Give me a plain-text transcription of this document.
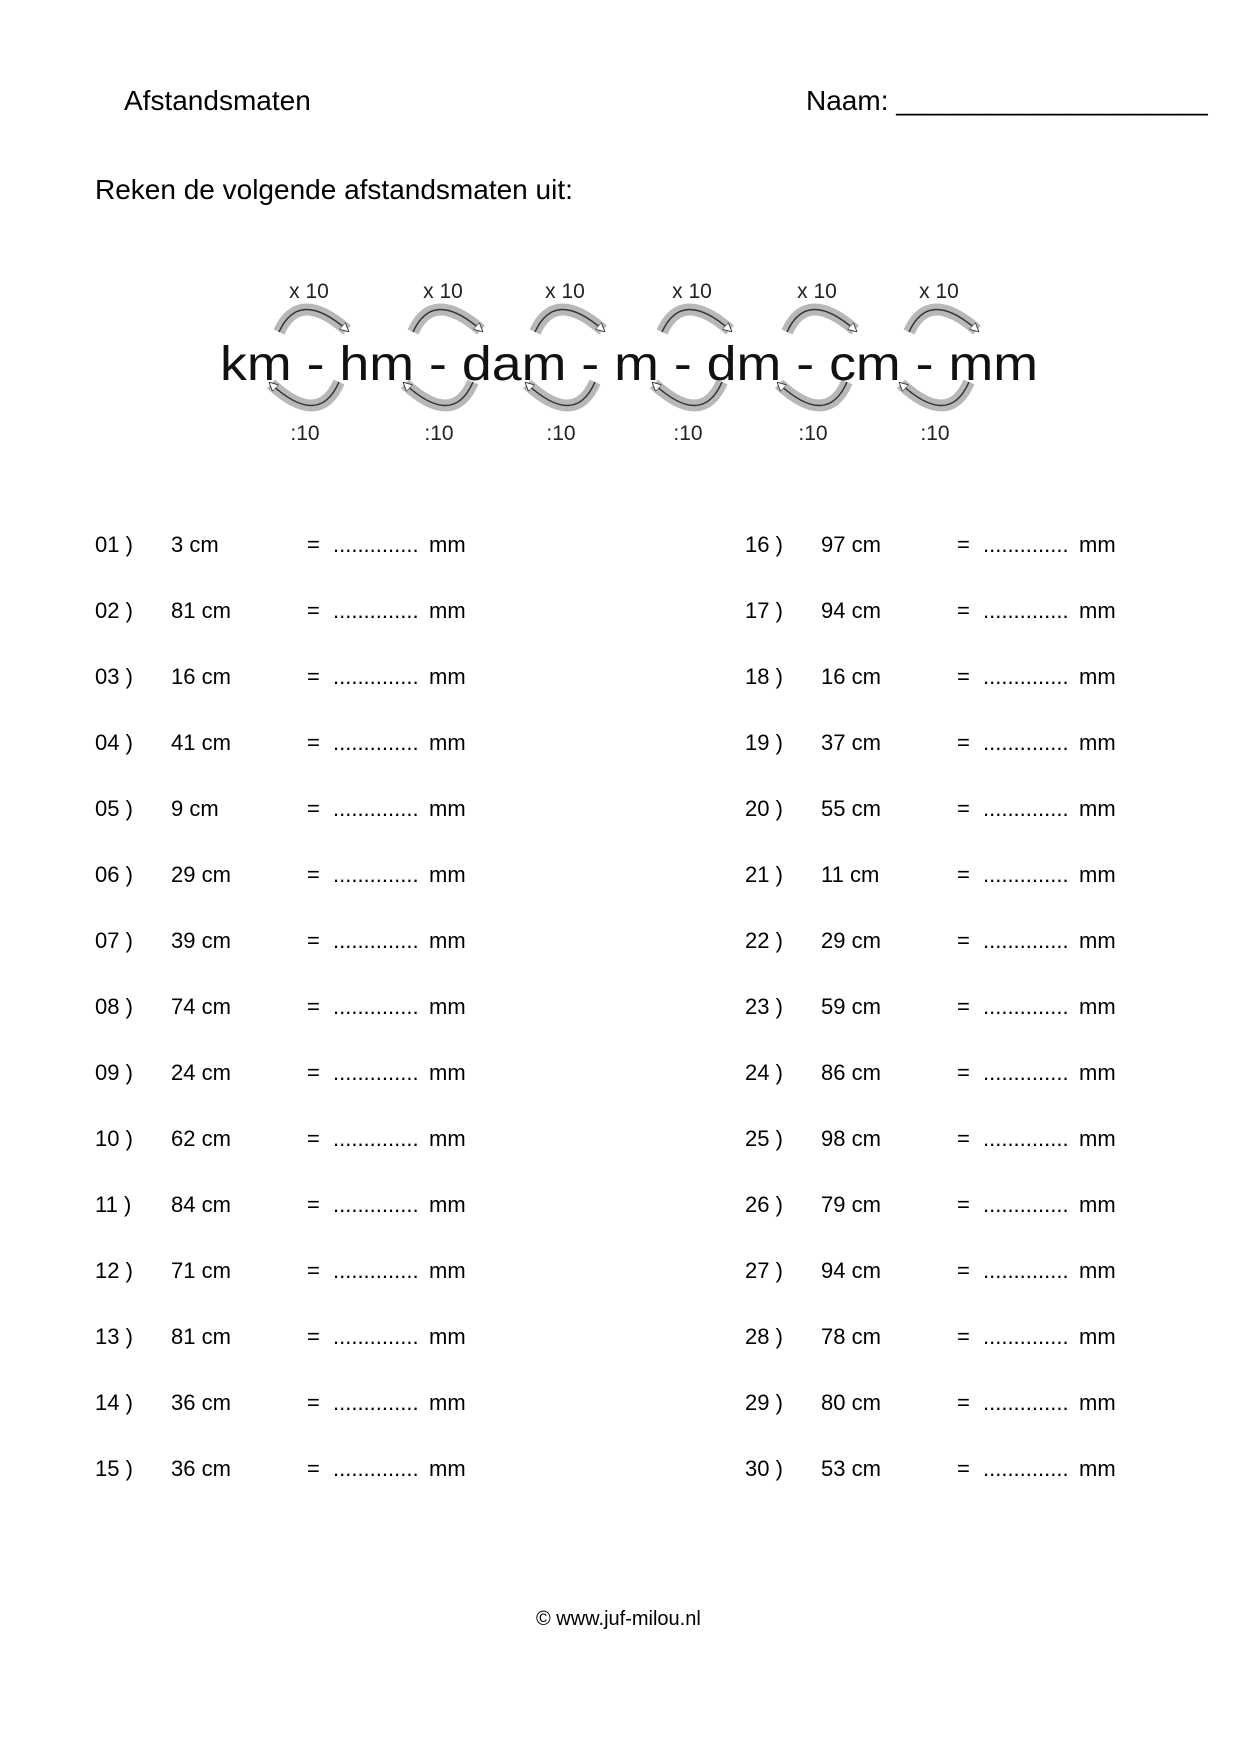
Afstandsmaten	Naam: ____________________
Reken de volgende afstandsmaten uit:
km - hm - dam - m - dm - cm - mm
x 10
:10
x 10
:10
x 10
:10
x 10
:10
x 10
:10
x 10
:10
01 ) 3 cm	= .............. mm
02 ) 81 cm	= .............. mm
03 ) 16 cm	= .............. mm
04 ) 41 cm	= .............. mm
05 ) 9 cm	= .............. mm
06 ) 29 cm	= .............. mm
07 ) 39 cm	= .............. mm
08 ) 74 cm	= .............. mm
09 ) 24 cm	= .............. mm
10 ) 62 cm	= .............. mm
11 ) 84 cm	= .............. mm
12 ) 71 cm	= .............. mm
13 ) 81 cm	= .............. mm
14 ) 36 cm	= .............. mm
15 ) 36 cm	= .............. mm
16 ) 97 cm	= .............. mm
17 ) 94 cm	= .............. mm
18 ) 16 cm	= .............. mm
19 ) 37 cm	= .............. mm
20 ) 55 cm	= .............. mm
21 ) 11 cm	= .............. mm
22 ) 29 cm	= .............. mm
23 ) 59 cm	= .............. mm
24 ) 86 cm	= .............. mm
25 ) 98 cm	= .............. mm
26 ) 79 cm	= .............. mm
27 ) 94 cm	= .............. mm
28 ) 78 cm	= .............. mm
29 ) 80 cm	= .............. mm
30 ) 53 cm	= .............. mm
© www.juf-milou.nl
